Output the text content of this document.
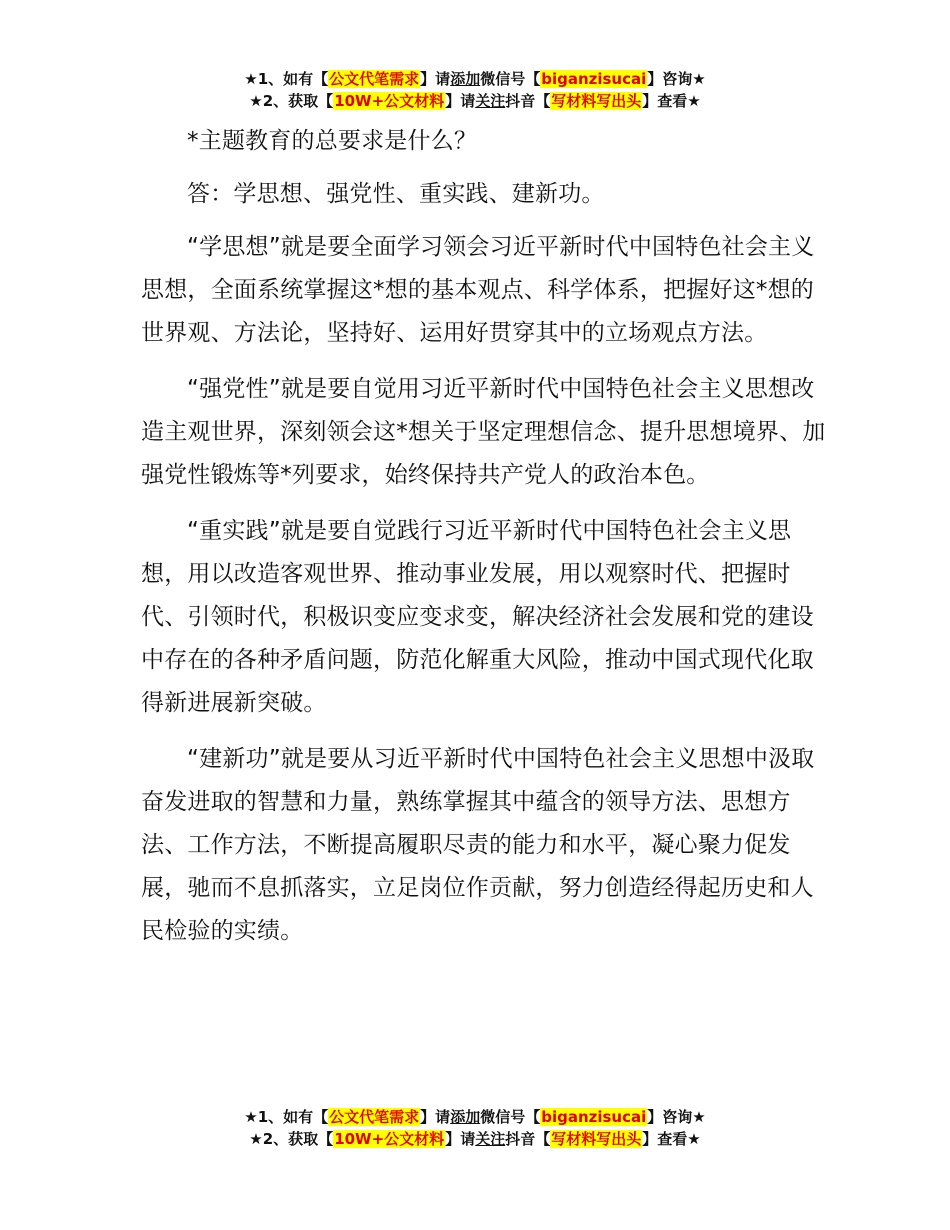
★1、如有【公文代笔需求】请添加微信号【biganzisucai】咨询★
★2、获取【10W+公文材料】请关注抖音【写材料写出头】查看★

*主题教育的总要求是什么？

答：学思想、强党性、重实践、建新功。

“学思想”就是要全面学习领会习近平新时代中国特色社会主义思想，全面系统掌握这*想的基本观点、科学体系，把握好这*想的世界观、方法论，坚持好、运用好贯穿其中的立场观点方法。

“强党性”就是要自觉用习近平新时代中国特色社会主义思想改造主观世界，深刻领会这*想关于坚定理想信念、提升思想境界、加强党性锻炼等*列要求，始终保持共产党人的政治本色。

“重实践”就是要自觉践行习近平新时代中国特色社会主义思想，用以改造客观世界、推动事业发展，用以观察时代、把握时代、引领时代，积极识变应变求变，解决经济社会发展和党的建设中存在的各种矛盾问题，防范化解重大风险，推动中国式现代化取得新进展新突破。

“建新功”就是要从习近平新时代中国特色社会主义思想中汲取奋发进取的智慧和力量，熟练掌握其中蕴含的领导方法、思想方法、工作方法，不断提高履职尽责的能力和水平，凝心聚力促发展，驰而不息抓落实，立足岗位作贡献，努力创造经得起历史和人民检验的实绩。

★1、如有【公文代笔需求】请添加微信号【biganzisucai】咨询★
★2、获取【10W+公文材料】请关注抖音【写材料写出头】查看★
